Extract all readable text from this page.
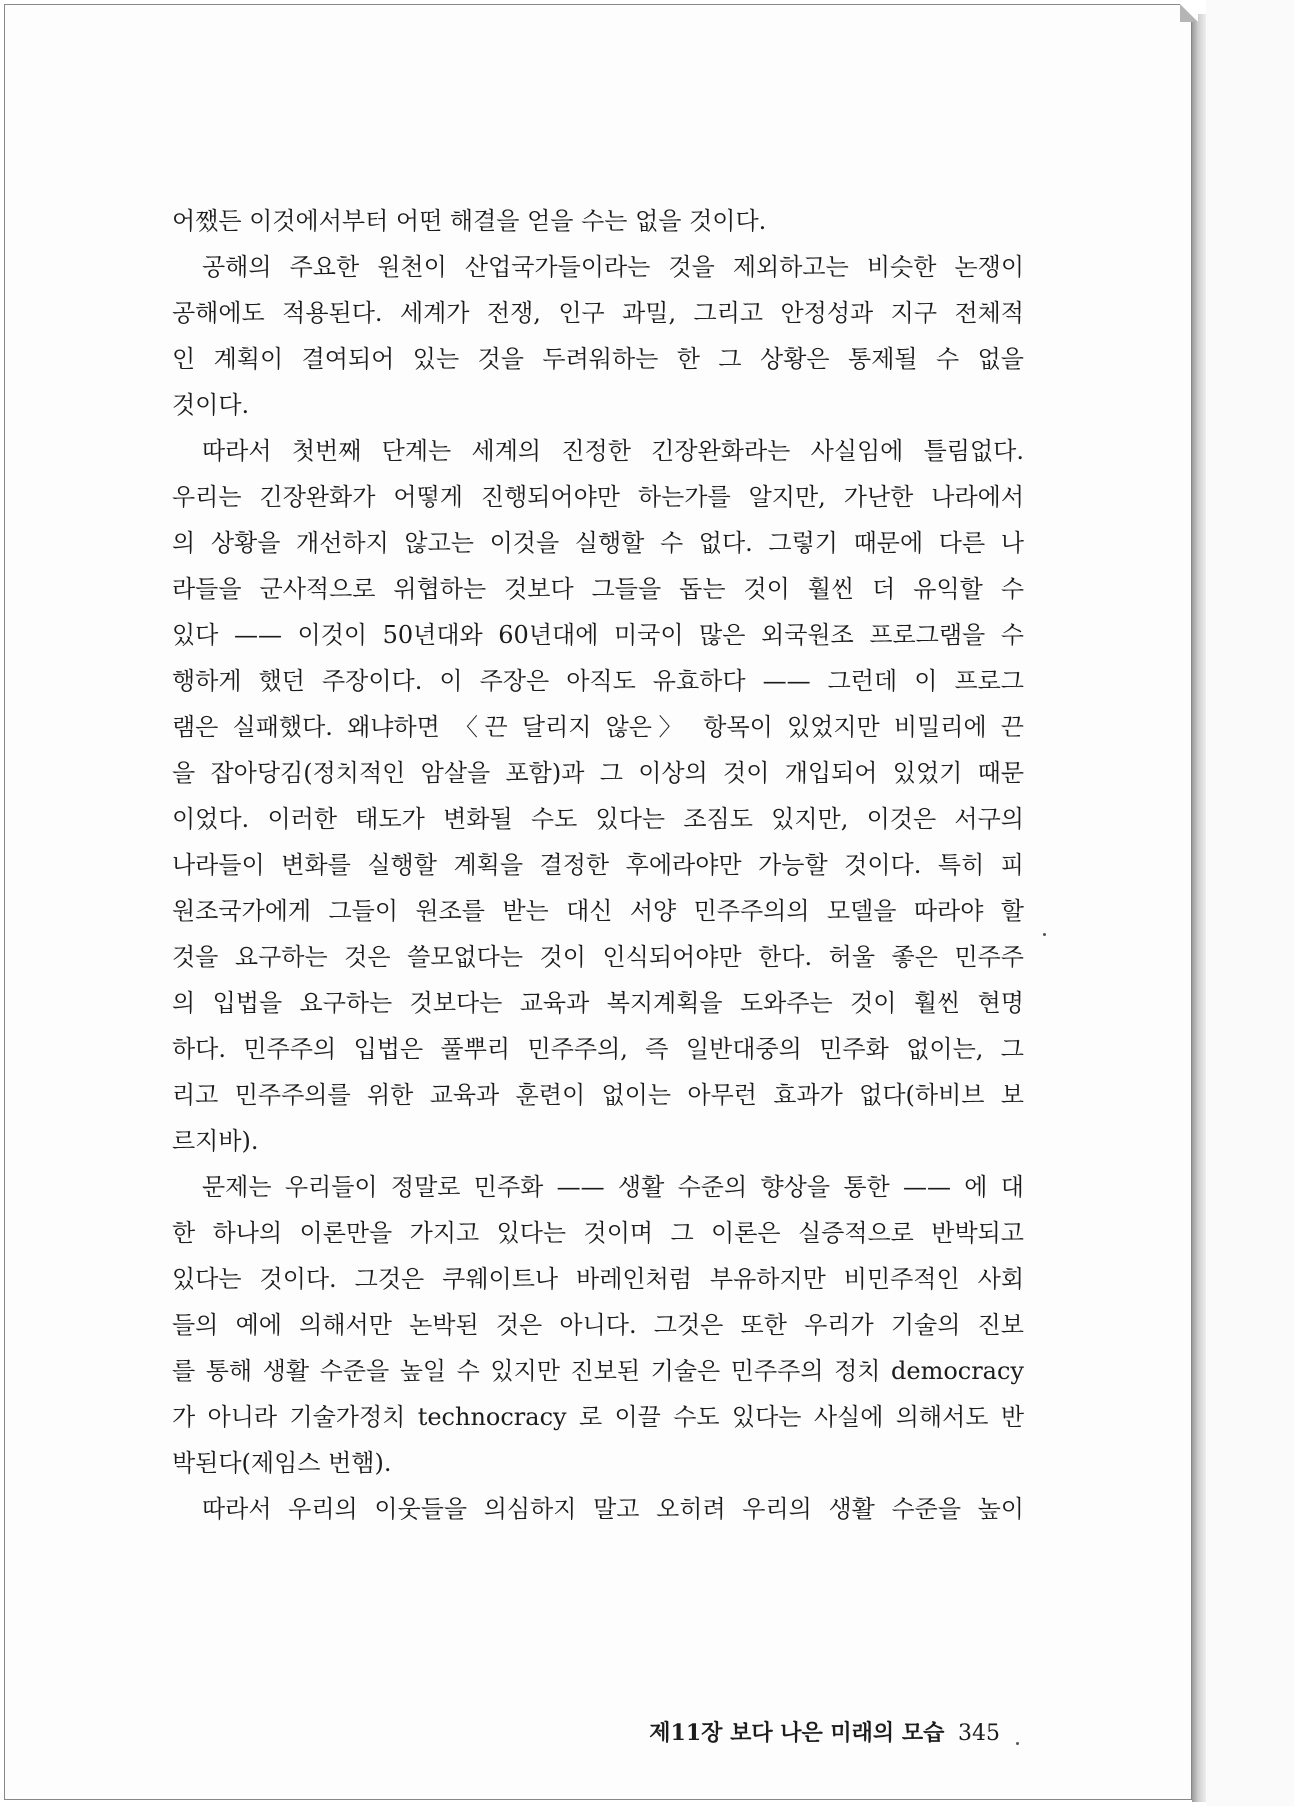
어쨌든 이것에서부터 어떤 해결을 얻을 수는 없을 것이다.
공해의 주요한 원천이 산업국가들이라는 것을 제외하고는 비슷한 논쟁이
공해에도 적용된다. 세계가 전쟁, 인구 과밀, 그리고 안정성과 지구 전체적
인 계획이 결여되어 있는 것을 두려워하는 한 그 상황은 통제될 수 없을
것이다.
따라서 첫번째 단계는 세계의 진정한 긴장완화라는 사실임에 틀림없다.
우리는 긴장완화가 어떻게 진행되어야만 하는가를 알지만, 가난한 나라에서
의 상황을 개선하지 않고는 이것을 실행할 수 없다. 그렇기 때문에 다른 나
라들을 군사적으로 위협하는 것보다 그들을 돕는 것이 훨씬 더 유익할 수
있다 —— 이것이 50년대와 60년대에 미국이 많은 외국원조 프로그램을 수
행하게 했던 주장이다. 이 주장은 아직도 유효하다 —— 그런데 이 프로그
램은 실패했다. 왜냐하면 〈끈 달리지 않은〉 항목이 있었지만 비밀리에 끈
을 잡아당김(정치적인 암살을 포함)과 그 이상의 것이 개입되어 있었기 때문
이었다. 이러한 태도가 변화될 수도 있다는 조짐도 있지만, 이것은 서구의
나라들이 변화를 실행할 계획을 결정한 후에라야만 가능할 것이다. 특히 피
원조국가에게 그들이 원조를 받는 대신 서양 민주주의의 모델을 따라야 할
것을 요구하는 것은 쓸모없다는 것이 인식되어야만 한다. 허울 좋은 민주주
의 입법을 요구하는 것보다는 교육과 복지계획을 도와주는 것이 훨씬 현명
하다. 민주주의 입법은 풀뿌리 민주주의, 즉 일반대중의 민주화 없이는, 그
리고 민주주의를 위한 교육과 훈련이 없이는 아무런 효과가 없다(하비브 보
르지바).
문제는 우리들이 정말로 민주화 —— 생활 수준의 향상을 통한 —— 에 대
한 하나의 이론만을 가지고 있다는 것이며 그 이론은 실증적으로 반박되고
있다는 것이다. 그것은 쿠웨이트나 바레인처럼 부유하지만 비민주적인 사회
들의 예에 의해서만 논박된 것은 아니다. 그것은 또한 우리가 기술의 진보
를 통해 생활 수준을 높일 수 있지만 진보된 기술은 민주주의 정치 democracy
가 아니라 기술가정치 technocracy 로 이끌 수도 있다는 사실에 의해서도 반
박된다(제임스 번햄).
따라서 우리의 이웃들을 의심하지 말고 오히려 우리의 생활 수준을 높이
제11장 보다 나은 미래의 모습 345
